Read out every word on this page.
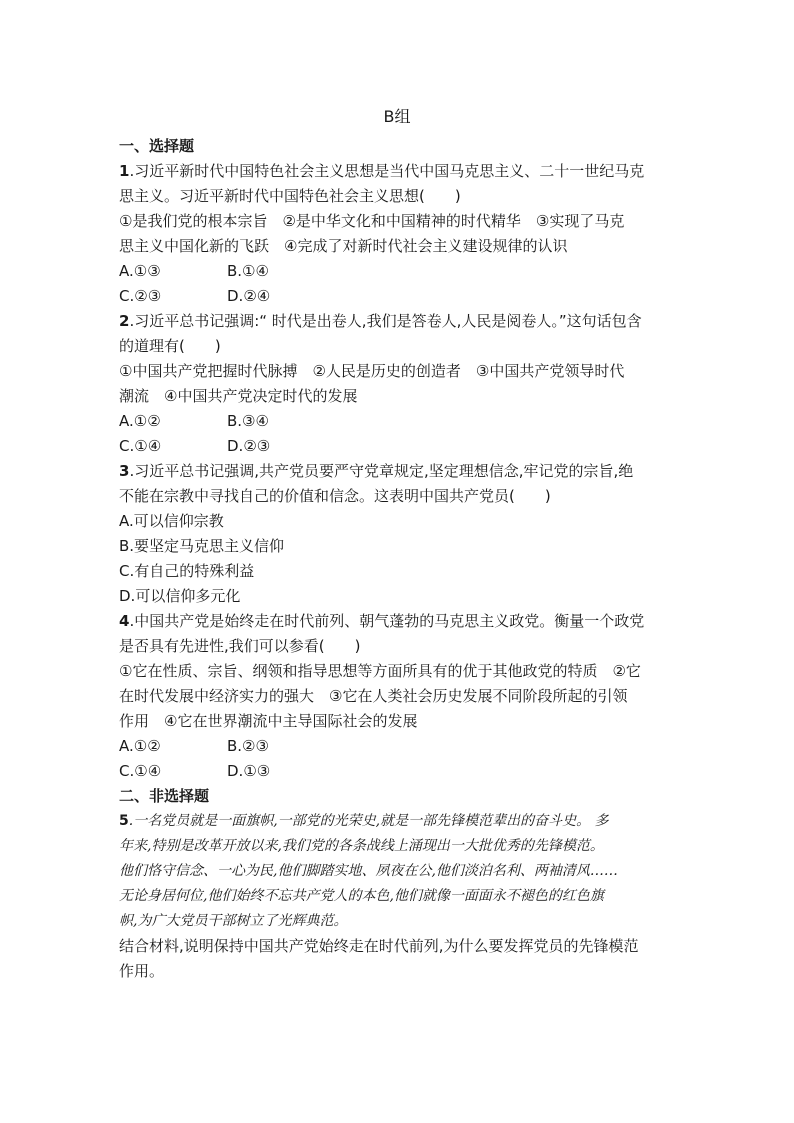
B组
一、选择题
1.习近平新时代中国特色社会主义思想是当代中国马克思主义、二十一世纪马克
思主义。习近平新时代中国特色社会主义思想(　　)
①是我们党的根本宗旨　②是中华文化和中国精神的时代精华　③实现了马克
思主义中国化新的飞跃　④完成了对新时代社会主义建设规律的认识
A.①③	B.①④
C.②③	D.②④
2.习近平总书记强调:“ 时代是出卷人,我们是答卷人,人民是阅卷人。”这句话包含
的道理有(　　)
①中国共产党把握时代脉搏　②人民是历史的创造者　③中国共产党领导时代
潮流　④中国共产党决定时代的发展
A.①②	B.③④
C.①④	D.②③
3.习近平总书记强调,共产党员要严守党章规定,坚定理想信念,牢记党的宗旨,绝
不能在宗教中寻找自己的价值和信念。这表明中国共产党员(　　)
A.可以信仰宗教
B.要坚定马克思主义信仰
C.有自己的特殊利益
D.可以信仰多元化
4.中国共产党是始终走在时代前列、朝气蓬勃的马克思主义政党。衡量一个政党
是否具有先进性,我们可以参看(　　)
①它在性质、宗旨、纲领和指导思想等方面所具有的优于其他政党的特质　②它
在时代发展中经济实力的强大　③它在人类社会历史发展不同阶段所起的引领
作用　④它在世界潮流中主导国际社会的发展
A.①②	B.②③
C.①④	D.①③
二、非选择题
5.一名党员就是一面旗帜,一部党的光荣史,就是一部先锋模范辈出的奋斗史。 多
年来,特别是改革开放以来,我们党的各条战线上涌现出一大批优秀的先锋模范。
他们恪守信念、一心为民,他们脚踏实地、夙夜在公,他们淡泊名利、两袖清风……
无论身居何位,他们始终不忘共产党人的本色,他们就像一面面永不褪色的红色旗
帜,为广大党员干部树立了光辉典范。
结合材料,说明保持中国共产党始终走在时代前列,为什么要发挥党员的先锋模范
作用。
